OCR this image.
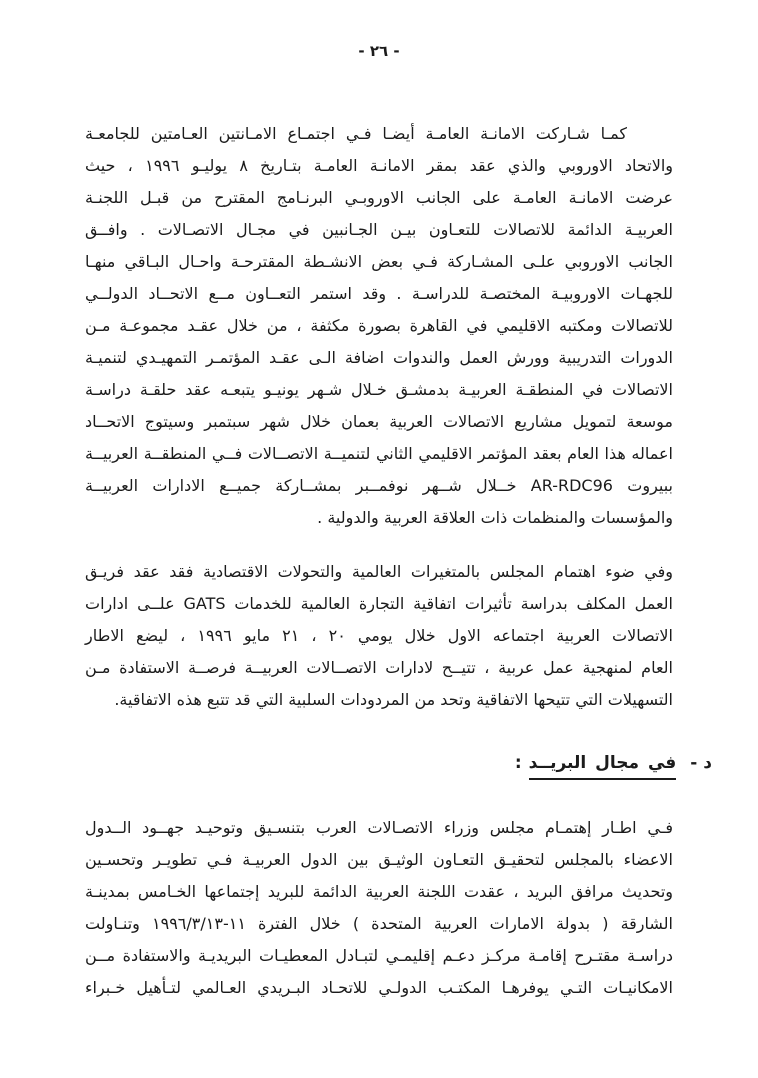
- ٢٦ -
كمـا شـاركت الامانـة العامـة أيضـا فـي اجتمـاع الامـانتين العـامتين للجامعـة
والاتحاد الاوروبي والذي عقد بمقر الامانـة العامـة بتـاريخ ٨ يوليـو ١٩٩٦ ، حيث
عرضت الامانـة العامـة على الجانب الاوروبـي البرنـامج المقترح من قبـل اللجنـة
العربيـة الدائمة للاتصالات للتعـاون بيـن الجـانبين في مجـال الاتصـالات . وافــق
الجانب الاوروبي علـى المشـاركة فـي بعض الانشـطة المقترحـة واحـال البـاقي منهـا
للجهـات الاوروبيـة المختصـة للدراسـة . وقد استمر التعــاون مــع الاتحــاد الدولــي
للاتصالات ومكتبه الاقليمي في القاهرة بصورة مكثفة ، من خلال عقـد مجموعـة مـن
الدورات التدريبية وورش العمل والندوات اضافة الـى عقـد المؤتمـر التمهيـدي لتنميـة
الاتصالات في المنطقـة العربيـة بدمشـق خـلال شـهر يونيـو يتبعـه عقد حلقـة دراسـة
موسعة لتمويل مشاريع الاتصالات العربية بعمان خلال شهر سبتمبر وسيتوج الاتحــاد
اعماله هذا العام بعقد المؤتمر الاقليمي الثاني لتنميــة الاتصــالات فــي المنطقــة العربيــة
ببيروت AR-RDC96 خــلال شــهر نوفمــبر بمشــاركة جميــع الادارات العربيــة
والمؤسسات والمنظمات ذات العلاقة العربية والدولية .
وفي ضوء اهتمام المجلس بالمتغيرات العالمية والتحولات الاقتصادية فقد عقد فريـق
العمل المكلف بدراسة تأثيرات اتفاقية التجارة العالمية للخدمات GATS علــى ادارات
الاتصالات العربية اجتماعه الاول خلال يومي ٢٠ ، ٢١ مايو ١٩٩٦ ، ليضع الاطار
العام لمنهجية عمل عربية ، تتيــح لادارات الاتصــالات العربيــة فرصــة الاستفادة مـن
التسهيلات التي تتيحها الاتفاقية وتحد من المردودات السلبية التي قد تتبع هذه الاتفاقية.
د -في مجال البريــد:
فـي اطـار إهتمـام مجلس وزراء الاتصـالات العرب بتنسـيق وتوحيـد جهــود الــدول
الاعضاء بالمجلس لتحقيـق التعـاون الوثيـق بين الدول العربيـة فـي تطويـر وتحسـين
وتحديث مرافق البريد ، عقدت اللجنة العربية الدائمة للبريد إجتماعها الخـامس بمدينـة
الشارقة ( بدولة الامارات العربية المتحدة ) خلال الفترة ١١-١٩٩٦/٣/١٣ وتنـاولت
دراسـة مقتـرح إقامـة مركـز دعـم إقليمـي لتبـادل المعطيـات البريديـة والاستفادة مــن
الامكانيـات التـي يوفرهـا المكتـب الدولـي للاتحـاد البـريدي العـالمي لتـأهيل خـبراء
